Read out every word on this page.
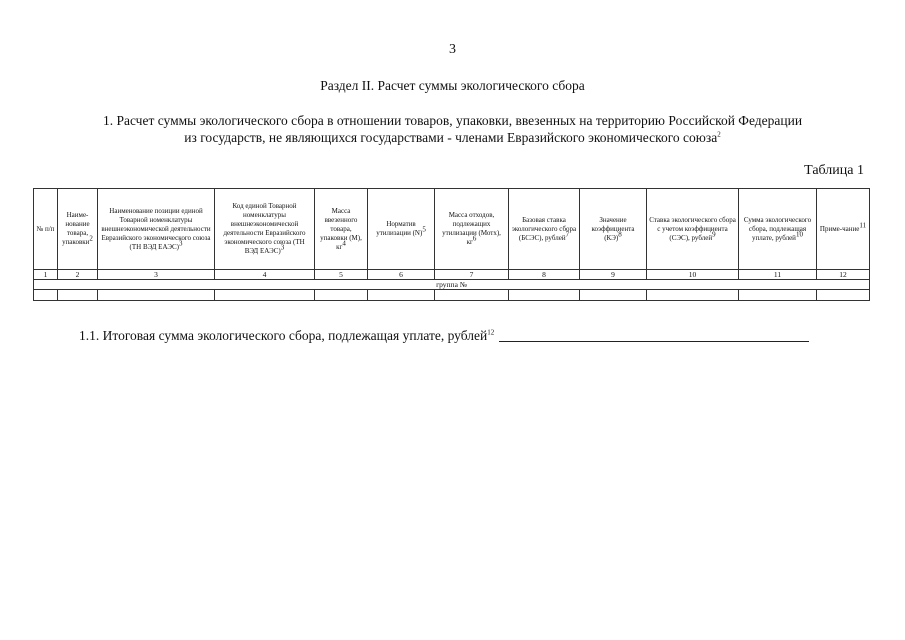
3
Раздел II. Расчет суммы экологического сбора
1. Расчет суммы экологического сбора в отношении товаров, упаковки, ввезенных на территорию Российской Федерации
из государств, не являющихся государствами - членами Евразийского экономического союза$^2$
Таблица 1
№ п/п	Наиме-нование товара, упаковки$^2$	Наименование позиции единой Товарной номенклатуры внешнеэкономической деятельности Евразийского экономического союза (ТН ВЭД ЕАЭС)$^3$	Код единой Товарной номенклатуры внешнеэкономической деятельности Евразийского экономического союза (ТН ВЭД ЕАЭС)$^3$	Масса ввезенного товара, упаковки (М), $кг^4$	Норматив утилизации $(N)^5$	Масса отходов, подлежащих утилизации (Мотх), $кг^6$	Базовая ставка экологического сбора (БСЭС), рублей$^7$	Значение коэффициента (КЭ)$^8$	Ставка экологического сбора с учетом коэффициента (СЭС), рублей$^9$	Сумма экологического сбора, подлежащая уплате, рублей$^{10}$	Приме-чание$^{11}$
1	2	3	4	5	6	7	8	9	10	11	12
группа №											

1.1. Итоговая сумма экологического сбора, подлежащая уплате, рублей$^{12}$
